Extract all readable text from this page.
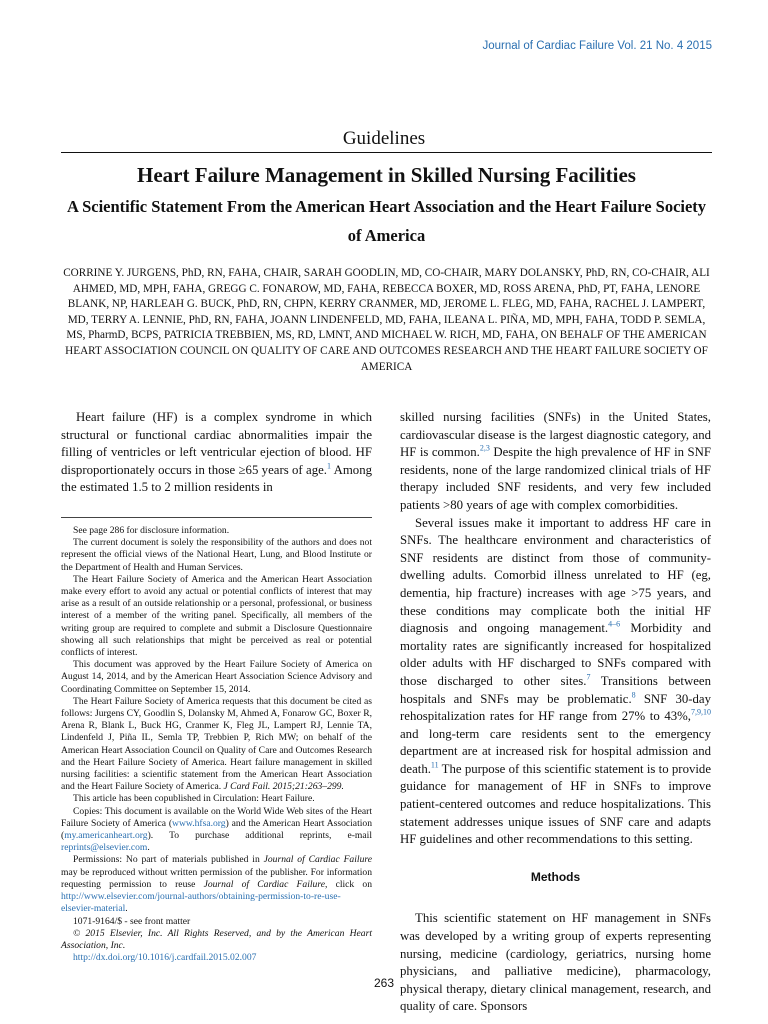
Journal of Cardiac Failure Vol. 21 No. 4 2015
Guidelines
Heart Failure Management in Skilled Nursing Facilities
A Scientific Statement From the American Heart Association and the Heart Failure Society of America
CORRINE Y. JURGENS, PhD, RN, FAHA, CHAIR, SARAH GOODLIN, MD, CO-CHAIR, MARY DOLANSKY, PhD, RN, CO-CHAIR, ALI AHMED, MD, MPH, FAHA, GREGG C. FONAROW, MD, FAHA, REBECCA BOXER, MD, ROSS ARENA, PhD, PT, FAHA, LENORE BLANK, NP, HARLEAH G. BUCK, PhD, RN, CHPN, KERRY CRANMER, MD, JEROME L. FLEG, MD, FAHA, RACHEL J. LAMPERT, MD, TERRY A. LENNIE, PhD, RN, FAHA, JOANN LINDENFELD, MD, FAHA, ILEANA L. PIÑA, MD, MPH, FAHA, TODD P. SEMLA, MS, PharmD, BCPS, PATRICIA TREBBIEN, MS, RD, LMNT, AND MICHAEL W. RICH, MD, FAHA, ON BEHALF OF THE AMERICAN HEART ASSOCIATION COUNCIL ON QUALITY OF CARE AND OUTCOMES RESEARCH AND THE HEART FAILURE SOCIETY OF AMERICA

Heart failure (HF) is a complex syndrome in which structural or functional cardiac abnormalities impair the filling of ventricles or left ventricular ejection of blood. HF disproportionately occurs in those ≥65 years of age.$^1$ Among the estimated 1.5 to 2 million residents in

See page 286 for disclosure information.

The current document is solely the responsibility of the authors and does not represent the official views of the National Heart, Lung, and Blood Institute or the Department of Health and Human Services.

The Heart Failure Society of America and the American Heart Association make every effort to avoid any actual or potential conflicts of interest that may arise as a result of an outside relationship or a personal, professional, or business interest of a member of the writing panel. Specifically, all members of the writing group are required to complete and submit a Disclosure Questionnaire showing all such relationships that might be perceived as real or potential conflicts of interest.

This document was approved by the Heart Failure Society of America on August 14, 2014, and by the American Heart Association Science Advisory and Coordinating Committee on September 15, 2014.

The Heart Failure Society of America requests that this document be cited as follows: Jurgens CY, Goodlin S, Dolansky M, Ahmed A, Fonarow GC, Boxer R, Arena R, Blank L, Buck HG, Cranmer K, Fleg JL, Lampert RJ, Lennie TA, Lindenfeld J, Piña IL, Semla TP, Trebbien P, Rich MW; on behalf of the American Heart Association Council on Quality of Care and Outcomes Research and the Heart Failure Society of America. Heart failure management in skilled nursing facilities: a scientific statement from the American Heart Association and the Heart Failure Society of America. J Card Fail. 2015;21:263–299.

This article has been copublished in Circulation: Heart Failure.

Copies: This document is available on the World Wide Web sites of the Heart Failure Society of America (www.hfsa.org) and the American Heart Association (my.americanheart.org). To purchase additional reprints, e-mail reprints@elsevier.com.

Permissions: No part of materials published in Journal of Cardiac Failure may be reproduced without written permission of the publisher. For information requesting permission to reuse Journal of Cardiac Failure, click on http://www.elsevier.com/journal-authors/obtaining-permission-to-re-use-elsevier-material.

1071-9164/$ - see front matter

© 2015 Elsevier, Inc. All Rights Reserved, and by the American Heart Association, Inc.

http://dx.doi.org/10.1016/j.cardfail.2015.02.007

skilled nursing facilities (SNFs) in the United States, cardiovascular disease is the largest diagnostic category, and HF is common.$^{2,3}$ Despite the high prevalence of HF in SNF residents, none of the large randomized clinical trials of HF therapy included SNF residents, and very few included patients >80 years of age with complex comorbidities.

Several issues make it important to address HF care in SNFs. The healthcare environment and characteristics of SNF residents are distinct from those of community-dwelling adults. Comorbid illness unrelated to HF (eg, dementia, hip fracture) increases with age >75 years, and these conditions may complicate both the initial HF diagnosis and ongoing management.$^{4-6}$ Morbidity and mortality rates are significantly increased for hospitalized older adults with HF discharged to SNFs compared with those discharged to other sites.$^7$ Transitions between hospitals and SNFs may be problematic.$^8$ SNF 30-day rehospitalization rates for HF range from 27% to 43%,$^{7,9,10}$ and long-term care residents sent to the emergency department are at increased risk for hospital admission and death.$^{11}$ The purpose of this scientific statement is to provide guidance for management of HF in SNFs to improve patient-centered outcomes and reduce hospitalizations. This statement addresses unique issues of SNF care and adapts HF guidelines and other recommendations to this setting.

Methods

This scientific statement on HF management in SNFs was developed by a writing group of experts representing nursing, medicine (cardiology, geriatrics, nursing home physicians, and palliative medicine), pharmacology, physical therapy, dietary clinical management, research, and quality of care. Sponsors

263
